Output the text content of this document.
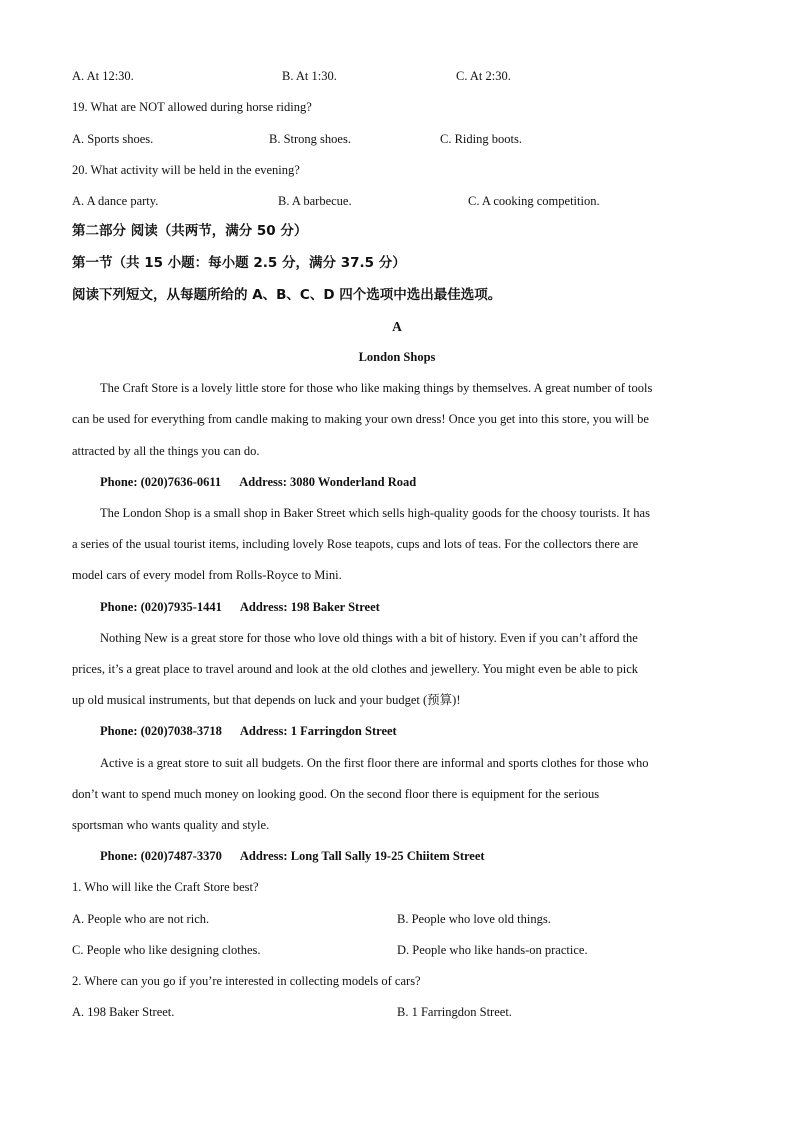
A. At 12:30.	B. At 1:30.	C. At 2:30.
19. What are NOT allowed during horse riding?
A. Sports shoes.	B. Strong shoes.	C. Riding boots.
20. What activity will be held in the evening?
A. A dance party.	B. A barbecue.	C. A cooking competition.
第二部分 阅读（共两节，满分 50 分）
第一节（共 15 小题：每小题 2.5 分，满分 37.5 分）
阅读下列短文，从每题所给的 A、B、C、D 四个选项中选出最佳选项。
A
London Shops
The Craft Store is a lovely little store for those who like making things by themselves. A great number of tools
can be used for everything from candle making to making your own dress! Once you get into this store, you will be
attracted by all the things you can do.
Phone: (020)7636-0611 Address: 3080 Wonderland Road
The London Shop is a small shop in Baker Street which sells high-quality goods for the choosy tourists. It has
a series of the usual tourist items, including lovely Rose teapots, cups and lots of teas. For the collectors there are
model cars of every model from Rolls-Royce to Mini.
Phone: (020)7935-1441 Address: 198 Baker Street
Nothing New is a great store for those who love old things with a bit of history. Even if you can’t afford the
prices, it’s a great place to travel around and look at the old clothes and jewellery. You might even be able to pick
up old musical instruments, but that depends on luck and your budget (预算)!
Phone: (020)7038-3718 Address: 1 Farringdon Street
Active is a great store to suit all budgets. On the first floor there are informal and sports clothes for those who
don’t want to spend much money on looking good. On the second floor there is equipment for the serious
sportsman who wants quality and style.
Phone: (020)7487-3370 Address: Long Tall Sally 19-25 Chiitem Street
1. Who will like the Craft Store best?
A. People who are not rich.	B. People who love old things.
C. People who like designing clothes.	D. People who like hands-on practice.
2. Where can you go if you’re interested in collecting models of cars?
A. 198 Baker Street.	B. 1 Farringdon Street.
